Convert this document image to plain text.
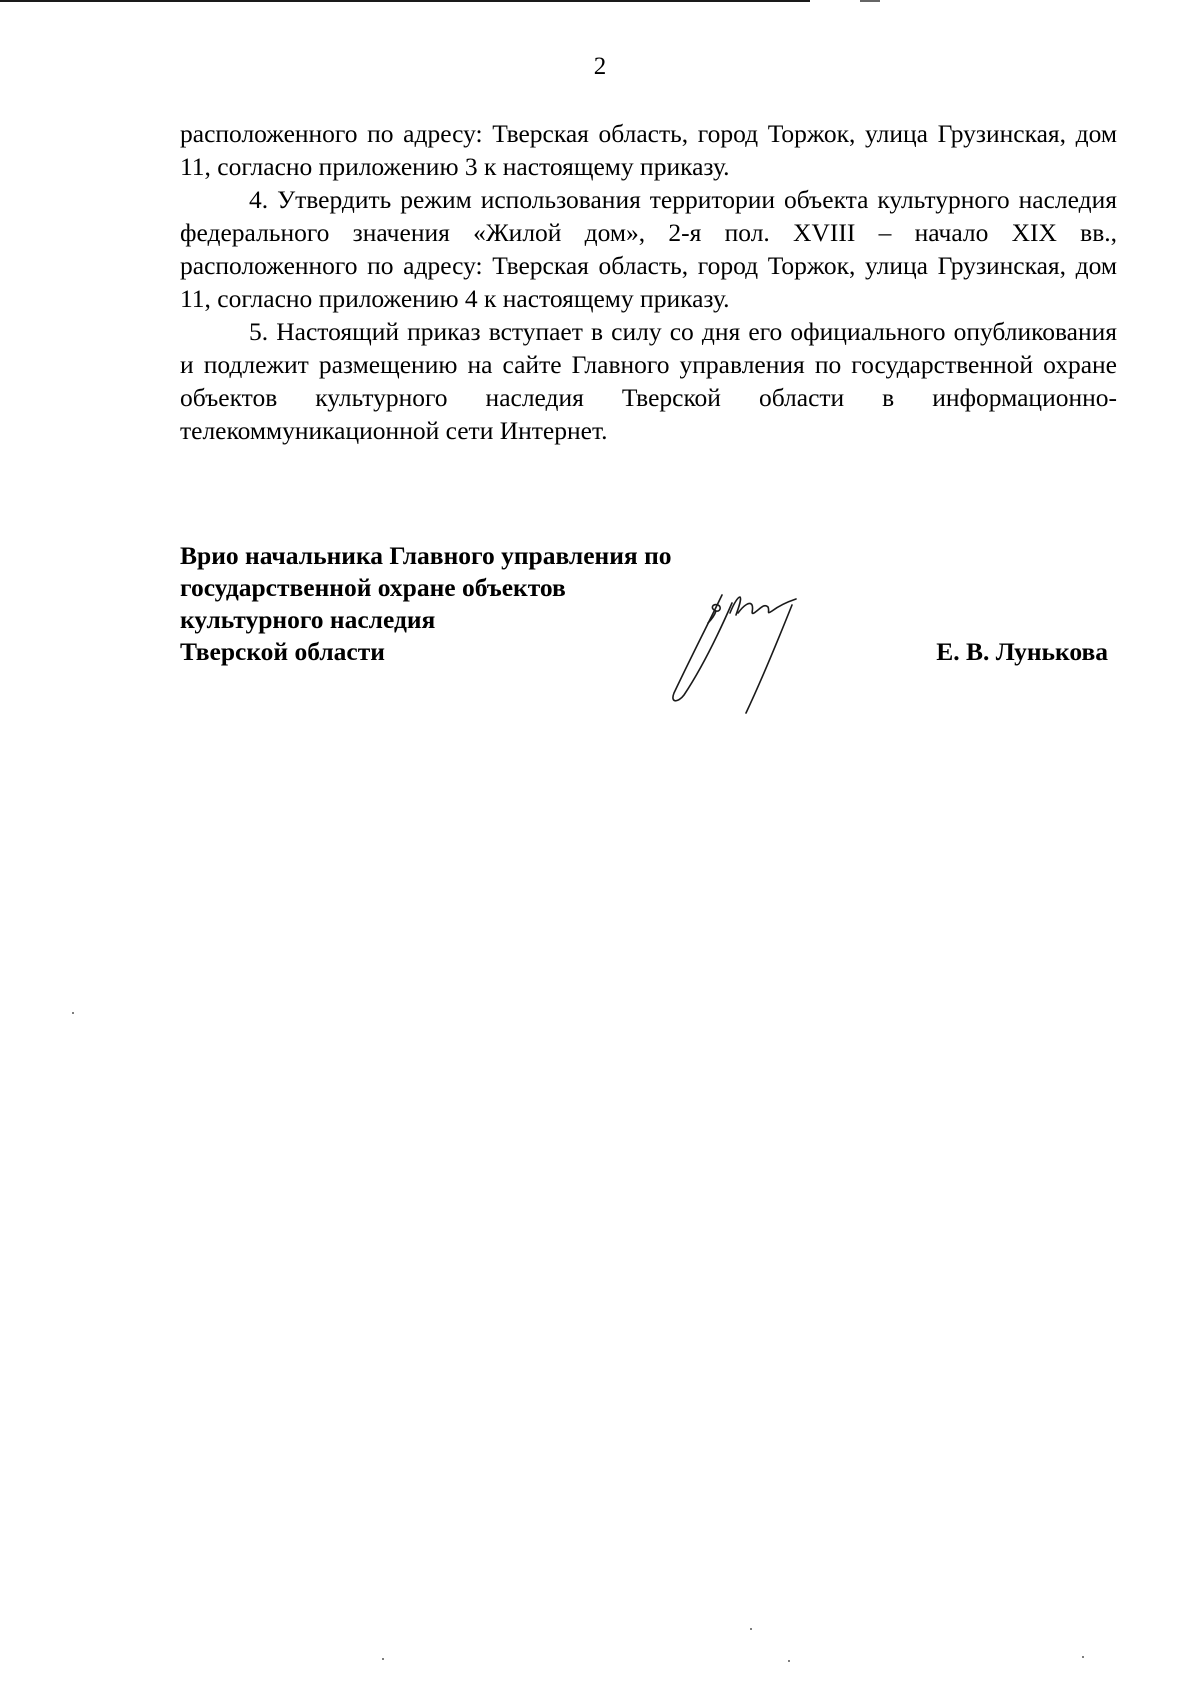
2

расположенного по адресу: Тверская область, город Торжок, улица Грузинская, дом 11, согласно приложению 3 к настоящему приказу.

4. Утвердить режим использования территории объекта культурного наследия федерального значения «Жилой дом», 2-я пол. XVIII – начало XIX вв., расположенного по адресу: Тверская область, город Торжок, улица Грузинская, дом 11, согласно приложению 4 к настоящему приказу.

5. Настоящий приказ вступает в силу со дня его официального опубликования и подлежит размещению на сайте Главного управления по государственной охране объектов культурного наследия Тверской области в информационно-телекоммуникационной сети Интернет.

Врио начальника Главного управления по
государственной охране объектов
культурного наследия
Тверской области	Е. В. Лунькова
